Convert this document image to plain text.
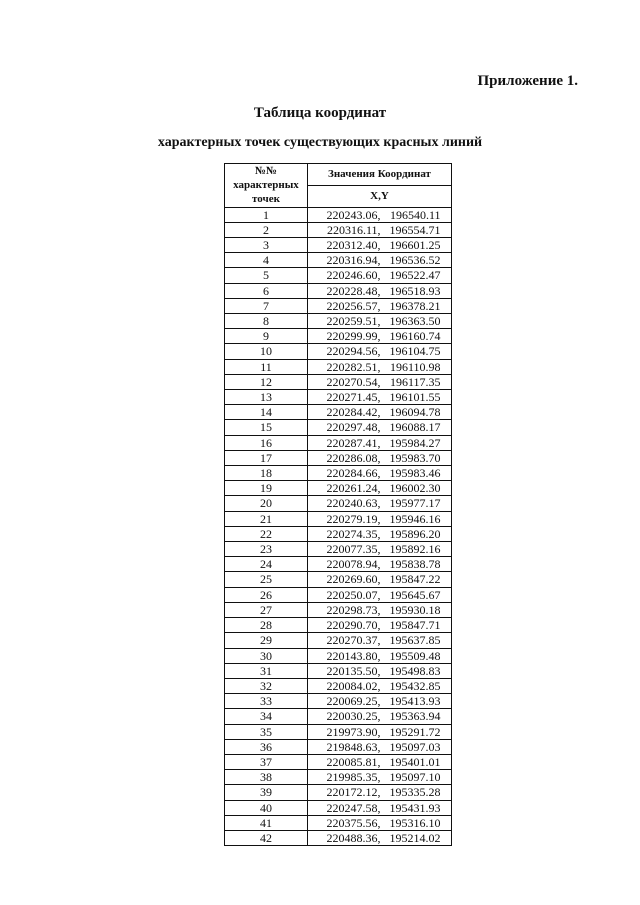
Приложение 1.
Таблица координат
характерных точек существующих красных линий
№№ характерных точек	Значения Координат
	X,Y
1	220243.06, 196540.11
2	220316.11, 196554.71
3	220312.40, 196601.25
4	220316.94, 196536.52
5	220246.60, 196522.47
6	220228.48, 196518.93
7	220256.57, 196378.21
8	220259.51, 196363.50
9	220299.99, 196160.74
10	220294.56, 196104.75
11	220282.51, 196110.98
12	220270.54, 196117.35
13	220271.45, 196101.55
14	220284.42, 196094.78
15	220297.48, 196088.17
16	220287.41, 195984.27
17	220286.08, 195983.70
18	220284.66, 195983.46
19	220261.24, 196002.30
20	220240.63, 195977.17
21	220279.19, 195946.16
22	220274.35, 195896.20
23	220077.35, 195892.16
24	220078.94, 195838.78
25	220269.60, 195847.22
26	220250.07, 195645.67
27	220298.73, 195930.18
28	220290.70, 195847.71
29	220270.37, 195637.85
30	220143.80, 195509.48
31	220135.50, 195498.83
32	220084.02, 195432.85
33	220069.25, 195413.93
34	220030.25, 195363.94
35	219973.90, 195291.72
36	219848.63, 195097.03
37	220085.81, 195401.01
38	219985.35, 195097.10
39	220172.12, 195335.28
40	220247.58, 195431.93
41	220375.56, 195316.10
42	220488.36, 195214.02
